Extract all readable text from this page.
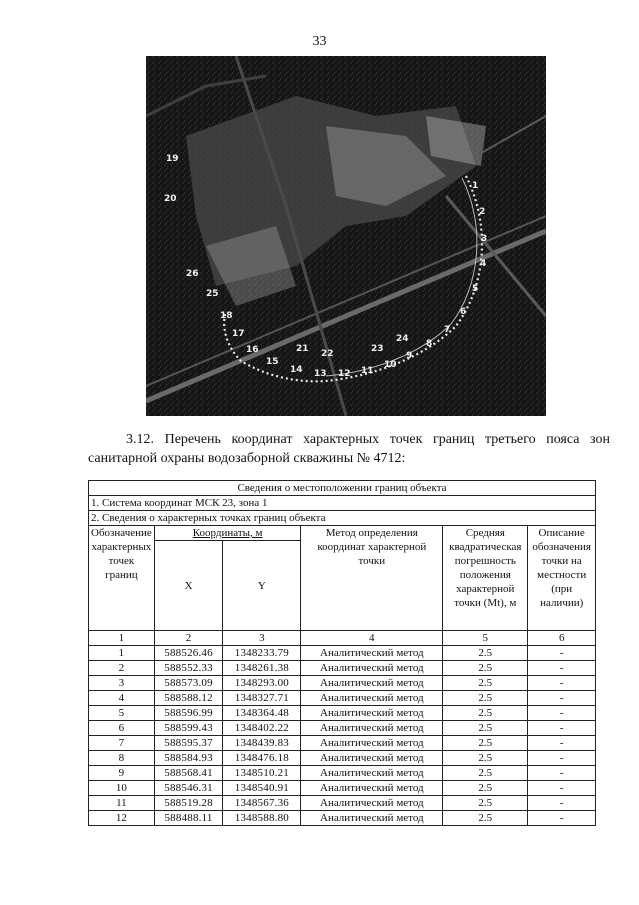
33
1
2
3
4
5
6
7
8
9
10
11
12
13
14
15
16
17
18
19
20
21 22	23
24
25
26
3.12. Перечень координат характерных точек границ третьего пояса зон
санитарной охраны водозаборной скважины № 4712:
Сведения о местоположении границ объекта					
1. Система координат МСК 23, зона 1					
2. Сведения о характерных точках границ объекта					
Обозначение характерных точек границ	Координаты, м		Метод определения координат характерной точки	Средняя квадратическая погрешность положения характерной точки (Mt), м	Описание обозначения точки на местности (при наличии)
	X	Y			
1	2	3	4	5	6
1	588526.46	1348233.79	Аналитический метод	2.5	-
2	588552.33	1348261.38	Аналитический метод	2.5	-
3	588573.09	1348293.00	Аналитический метод	2.5	-
4	588588.12	1348327.71	Аналитический метод	2.5	-
5	588596.99	1348364.48	Аналитический метод	2.5	-
6	588599.43	1348402.22	Аналитический метод	2.5	-
7	588595.37	1348439.83	Аналитический метод	2.5	-
8	588584.93	1348476.18	Аналитический метод	2.5	-
9	588568.41	1348510.21	Аналитический метод	2.5	-
10	588546.31	1348540.91	Аналитический метод	2.5	-
11	588519.28	1348567.36	Аналитический метод	2.5	-
12	588488.11	1348588.80	Аналитический метод	2.5	-
